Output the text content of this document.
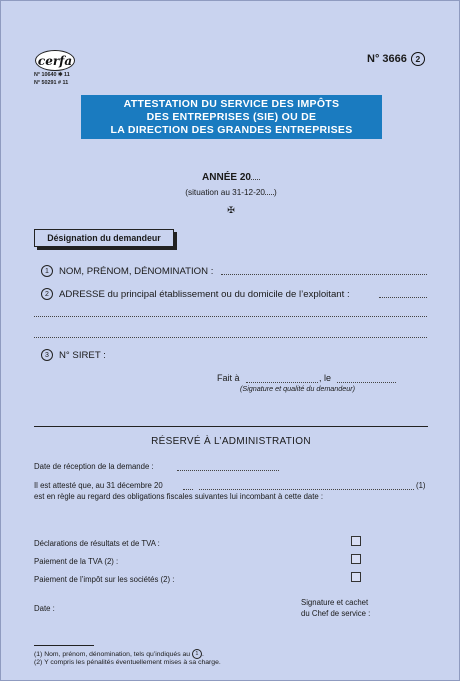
cerfa
N° 10640 ✱ 11
N° 50291 # 11
N° 3666	2
ATTESTATION DU SERVICE DES IMPÔTS
DES ENTREPRISES (SIE) OU DE
LA DIRECTION DES GRANDES ENTREPRISES
ANNÉE 20
(situation au 31-12-20 )
✠
Désignation du demandeur
1	NOM, PRÉNOM, DÉNOMINATION :
2	ADRESSE du principal établissement ou du domicile de l’exploitant :
3	N° SIRET :
Fait à	, le
(Signature et qualité du demandeur)
RÉSERVÉ À L’ADMINISTRATION
Date de réception de la demande :
Il est attesté que, au 31 décembre 20	(1)
est en règle au regard des obligations fiscales suivantes lui incombant à cette date :
Déclarations de résultats et de TVA :
Paiement de la TVA (2) :
Paiement de l’impôt sur les sociétés (2) :
Date :
Signature et cachet
du Chef de service :
(1) Nom, prénom, dénomination, tels qu’indiqués au 1 .
(2) Y compris les pénalités éventuellement mises à sa charge.
